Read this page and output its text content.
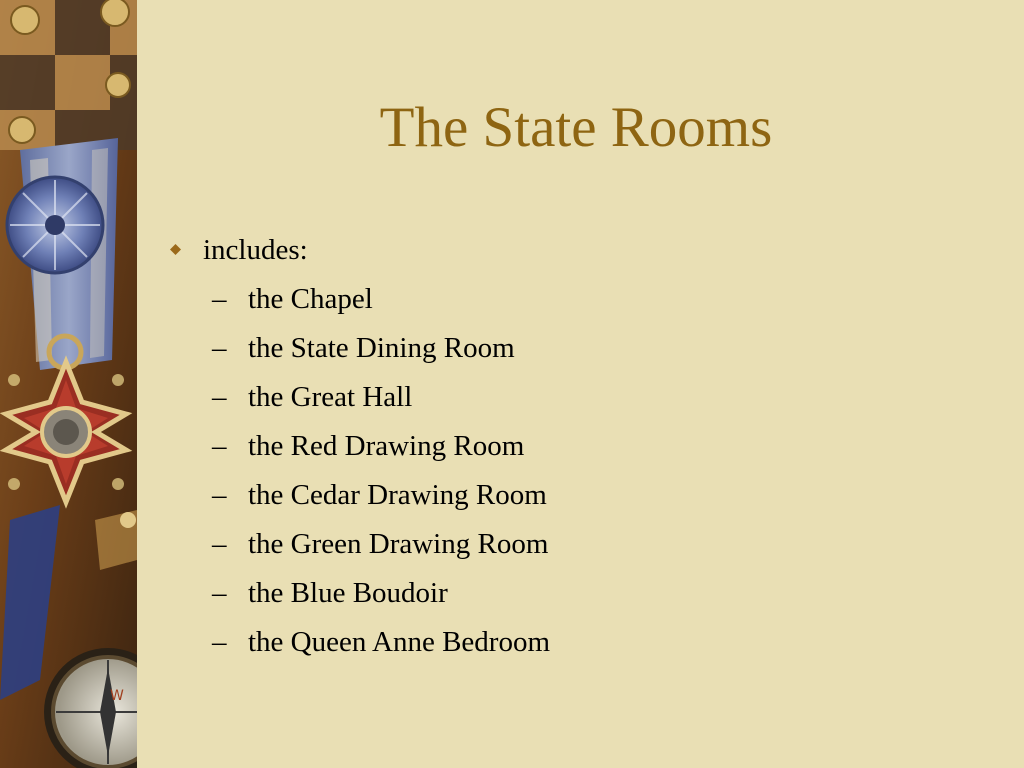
W
The State Rooms
includes:
– the Chapel
– the State Dining Room
– the Great Hall
– the Red Drawing Room
– the Cedar Drawing Room
– the Green Drawing Room
– the Blue Boudoir
– the Queen Anne Bedroom
